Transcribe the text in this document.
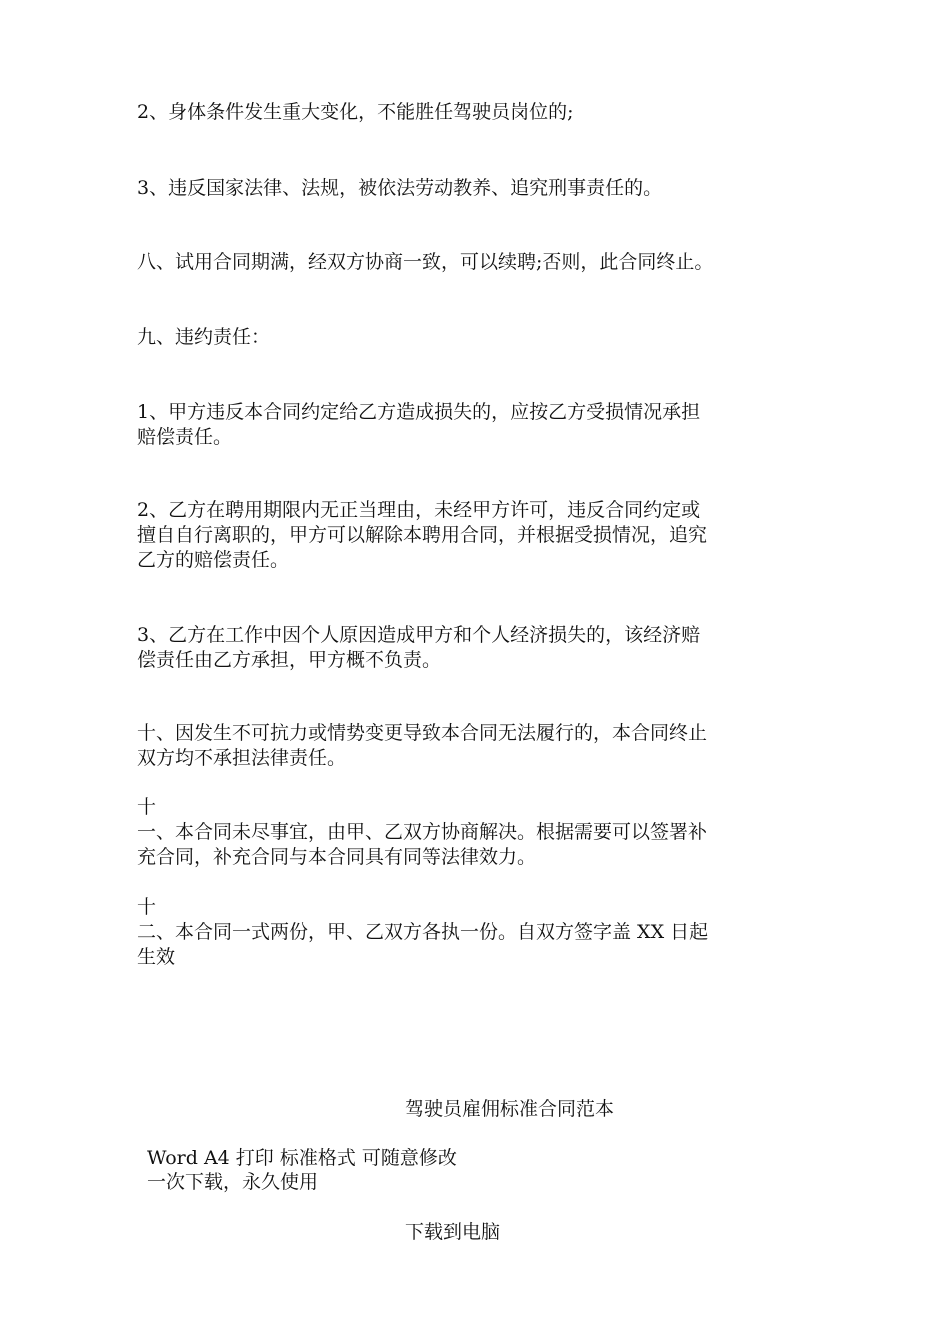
2、身体条件发生重大变化，不能胜任驾驶员岗位的;

3、违反国家法律、法规，被依法劳动教养、追究刑事责任的。

八、试用合同期满，经双方协商一致，可以续聘;否则，此合同终止。

九、违约责任：

1、甲方违反本合同约定给乙方造成损失的，应按乙方受损情况承担
赔偿责任。

2、乙方在聘用期限内无正当理由，未经甲方许可，违反合同约定或
擅自自行离职的，甲方可以解除本聘用合同，并根据受损情况，追究
乙方的赔偿责任。

3、乙方在工作中因个人原因造成甲方和个人经济损失的，该经济赔
偿责任由乙方承担，甲方概不负责。

十、因发生不可抗力或情势变更导致本合同无法履行的，本合同终止
双方均不承担法律责任。

十
一、本合同未尽事宜，由甲、乙双方协商解决。根据需要可以签署补
充合同，补充合同与本合同具有同等法律效力。

十
二、本合同一式两份，甲、乙双方各执一份。自双方签字盖 XX 日起
生效

驾驶员雇佣标准合同范本
Word A4 打印 标准格式 可随意修改
一次下载，永久使用
下载到电脑
